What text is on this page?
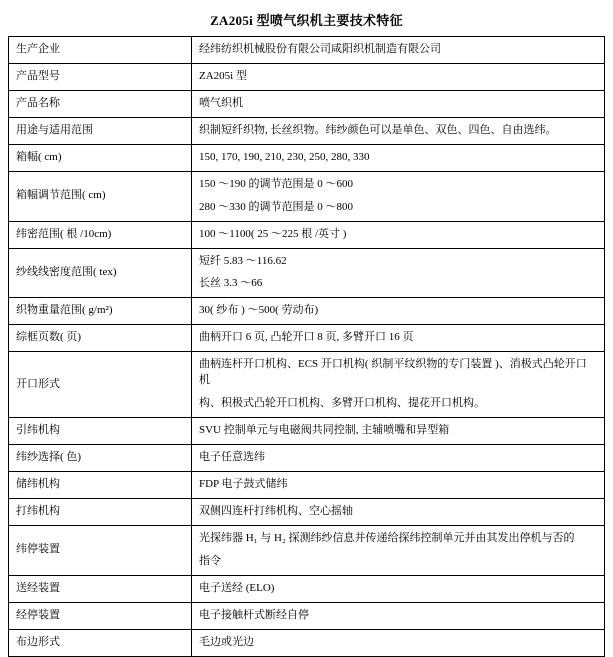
ZA205i 型喷气织机主要技术特征
生产企业	经纬纺织机械股份有限公司咸阳织机制造有限公司
产品型号	ZA205i 型
产品名称	喷气织机
用途与适用范围	织制短纤织物, 长丝织物。纬纱颜色可以是单色、双色、四色、自由选纬。
箱幅( cm)	150, 170, 190, 210, 230, 250, 280, 330
箱幅调节范围( cm)	150 ～190 的调节范围是 0 ～600
280 ～330 的调节范围是 0 ～800

纬密范围( 根 /10cm)	100 ～1100( 25 ～225 根 /英寸 )
纱线线密度范围( tex)	短纤 5.83 ～116.62
长丝 3.3 ～66

织物重量范围( g/m²)	30( 纱布 ) ～500( 劳动布)
综框页数( 页)	曲柄开口 6 页, 凸轮开口 8 页, 多臂开口 16 页
开口形式	曲柄连杆开口机构、ECS 开口机构( 织制平纹织物的专门装置 )、消极式凸轮开口机
构、积极式凸轮开口机构、多臂开口机构、提花开口机构。

引纬机构	SVU 控制单元与电磁阀共同控制, 主辅喷嘴和异型箱
纬纱选择( 色)	电子任意选纬
储纬机构	FDP 电子鼓式储纬
打纬机构	双侧四连杆打纬机构、空心摇轴
纬停装置	光探纬器 H₁ 与 H₂ 探测纬纱信息并传递给探纬控制单元并由其发出停机与否的
指令

送经装置	电子送经 (ELO)
经停装置	电子接触杆式断经自停
布边形式	毛边或光边
